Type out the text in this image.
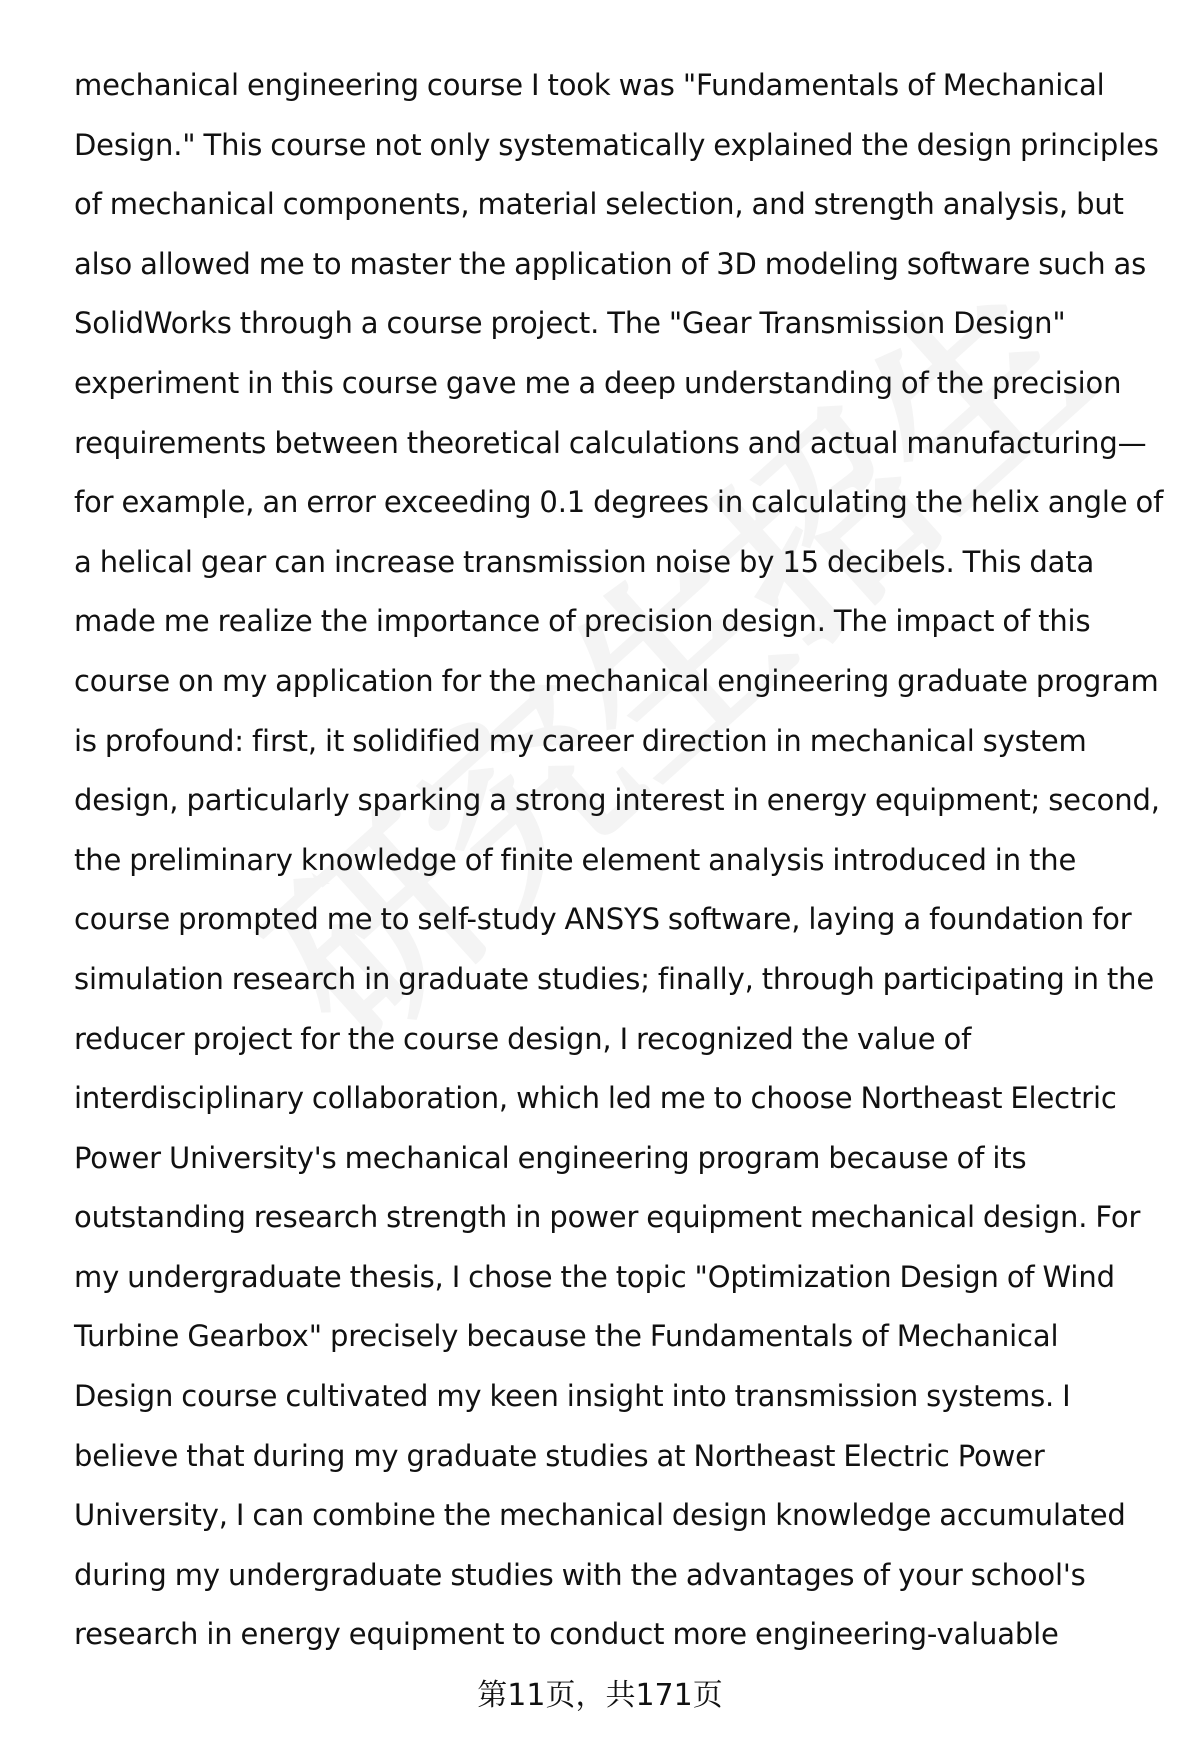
mechanical engineering course I took was "Fundamentals of Mechanical
Design." This course not only systematically explained the design principles
of mechanical components, material selection, and strength analysis, but
also allowed me to master the application of 3D modeling software such as
SolidWorks through a course project. The "Gear Transmission Design"
experiment in this course gave me a deep understanding of the precision
requirements between theoretical calculations and actual manufacturing—
for example, an error exceeding 0.1 degrees in calculating the helix angle of
a helical gear can increase transmission noise by 15 decibels. This data
made me realize the importance of precision design. The impact of this
course on my application for the mechanical engineering graduate program
is profound: first, it solidified my career direction in mechanical system
design, particularly sparking a strong interest in energy equipment; second,
the preliminary knowledge of finite element analysis introduced in the
course prompted me to self-study ANSYS software, laying a foundation for
simulation research in graduate studies; finally, through participating in the
reducer project for the course design, I recognized the value of
interdisciplinary collaboration, which led me to choose Northeast Electric
Power University's mechanical engineering program because of its
outstanding research strength in power equipment mechanical design. For
my undergraduate thesis, I chose the topic "Optimization Design of Wind
Turbine Gearbox" precisely because the Fundamentals of Mechanical
Design course cultivated my keen insight into transmission systems. I
believe that during my graduate studies at Northeast Electric Power
University, I can combine the mechanical design knowledge accumulated
during my undergraduate studies with the advantages of your school's
research in energy equipment to conduct more engineering-valuable
第11页，共171页
